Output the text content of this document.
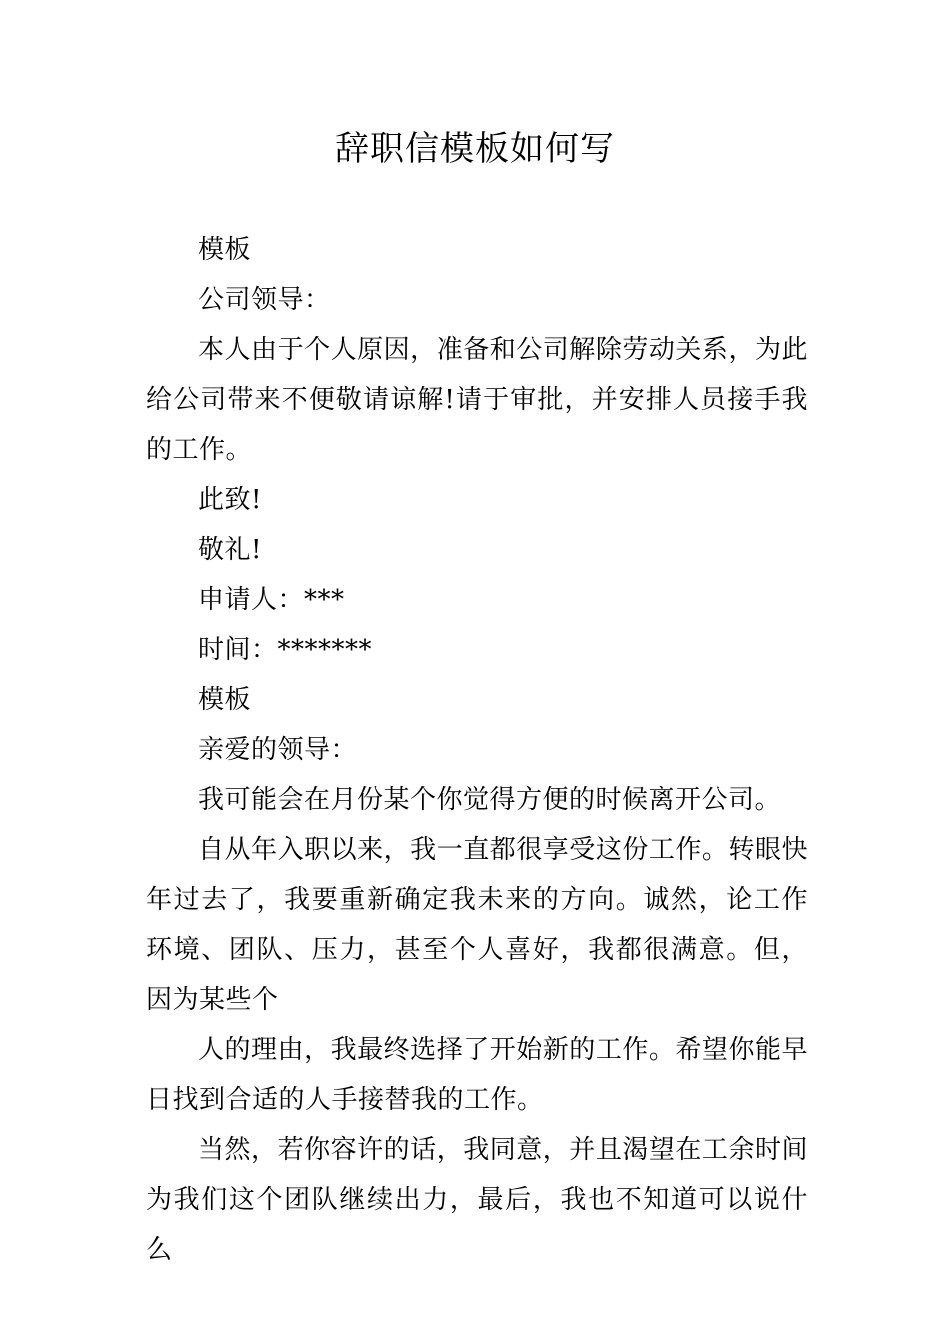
辞职信模板如何写

模板

公司领导：

本人由于个人原因，准备和公司解除劳动关系，为此给公司带来不便敬请谅解!请于审批，并安排人员接手我的工作。

此致!

敬礼!

申请人：***

时间：*******

模板

亲爱的领导：

我可能会在月份某个你觉得方便的时候离开公司。

自从年入职以来，我一直都很享受这份工作。转眼快年过去了，我要重新确定我未来的方向。诚然，论工作环境、团队、压力，甚至个人喜好，我都很满意。但，因为某些个

人的理由，我最终选择了开始新的工作。希望你能早日找到合适的人手接替我的工作。

当然，若你容许的话，我同意，并且渴望在工余时间为我们这个团队继续出力，最后，我也不知道可以说什么
